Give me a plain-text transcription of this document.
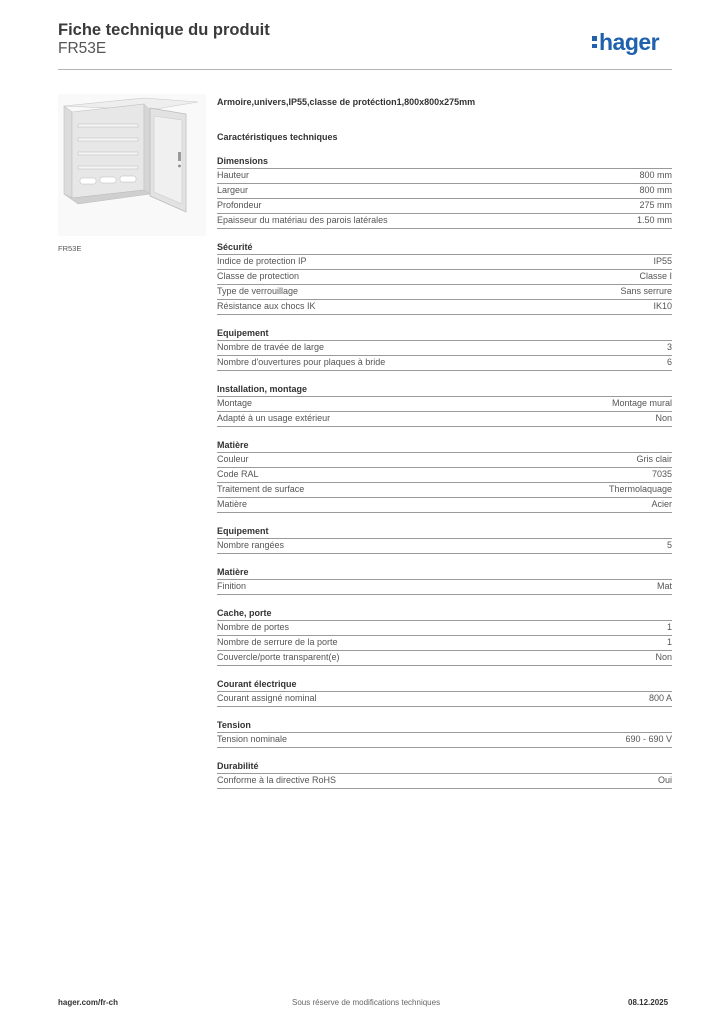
Fiche technique du produit
FR53E	hager
FR53E
Armoire,univers,IP55,classe de protéction1,800x800x275mm
Caractéristiques techniques
Dimensions
Hauteur	800 mm
Largeur	800 mm
Profondeur	275 mm
Epaisseur du matériau des parois latérales	1.50 mm
Sécurité
Indice de protection IP	IP55
Classe de protection	Classe I
Type de verrouillage	Sans serrure
Résistance aux chocs IK	IK10
Equipement
Nombre de travée de large	3
Nombre d'ouvertures pour plaques à bride	6
Installation, montage
Montage	Montage mural
Adapté à un usage extérieur	Non
Matière
Couleur	Gris clair
Code RAL	7035
Traitement de surface	Thermolaquage
Matière	Acier
Equipement
Nombre rangées	5
Matière
Finition	Mat
Cache, porte
Nombre de portes	1
Nombre de serrure de la porte	1
Couvercle/porte transparent(e)	Non
Courant électrique
Courant assigné nominal	800 A
Tension
Tension nominale	690 - 690 V
Durabilité
Conforme à la directive RoHS	Oui
hager.com/fr-ch	Sous réserve de modifications techniques	08.12.2025
